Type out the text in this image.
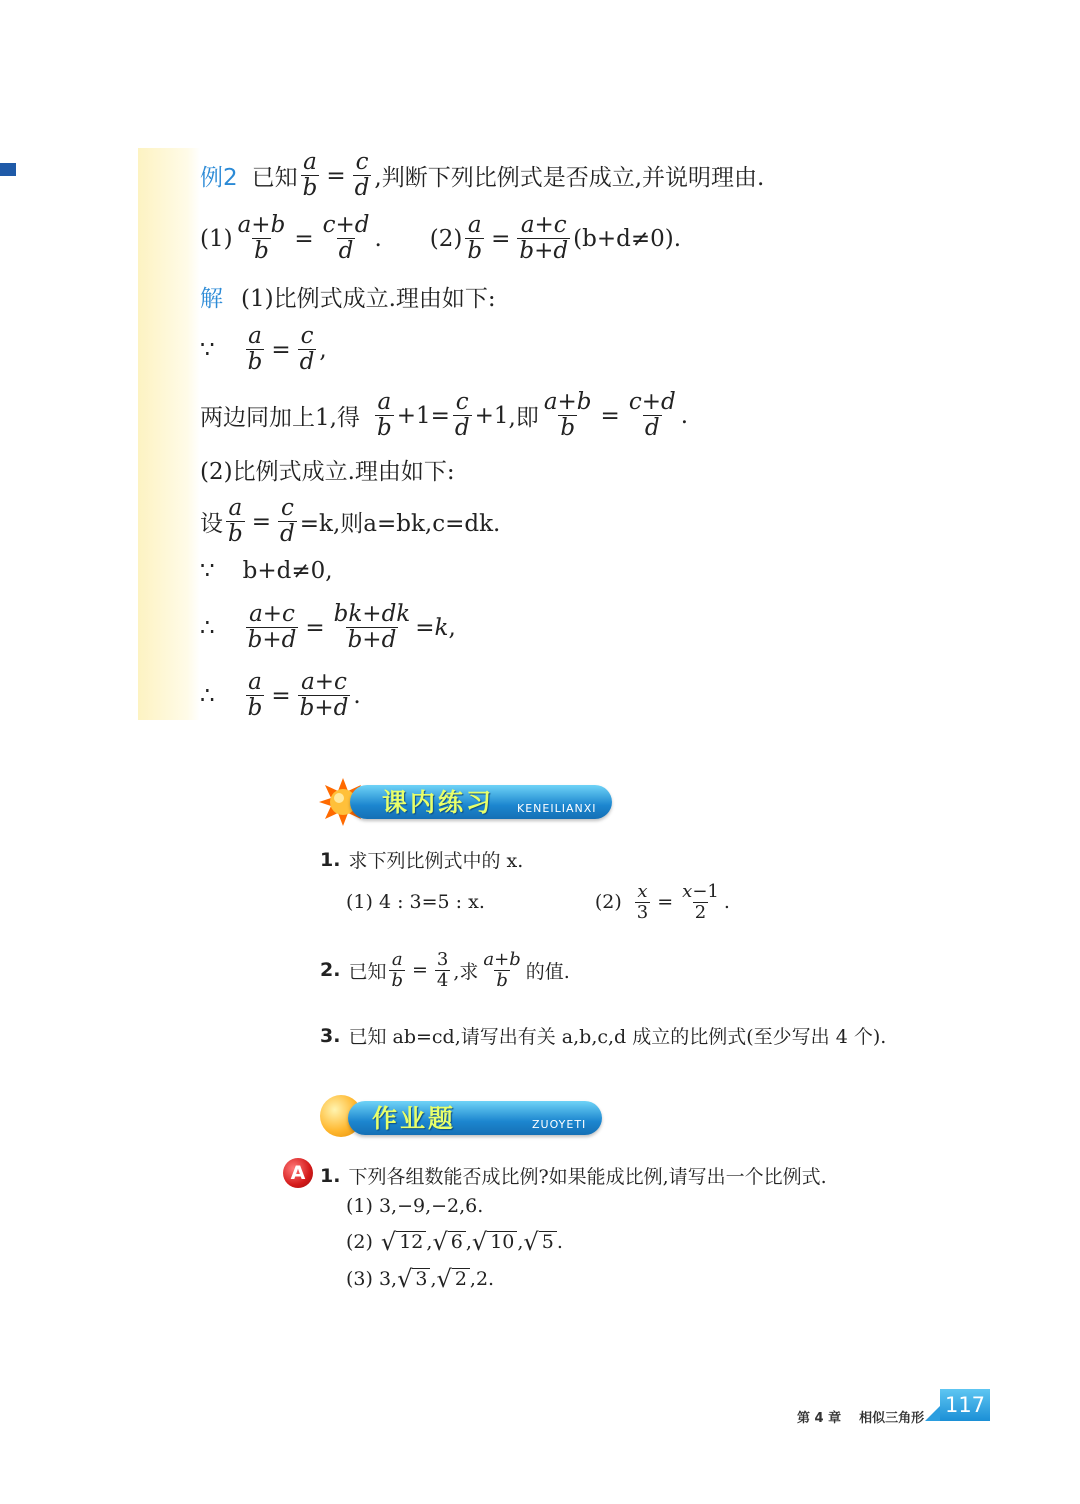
例2 已知 $\frac{a}{b} = \frac{c}{d}$ ,判断下列比例式是否成立,并说明理由.
$(1) \frac{a+b}{b} = \frac{c+d}{d}$ . $(2) \frac{a}{b} = \frac{a+c}{b+d} (b+d\ne 0)$.
解 (1)比例式成立.理由如下:
∵ $\frac{a}{b} = \frac{c}{d}$ ,
两边同加上1,得 $\frac{a}{b} +1= \frac{c}{d} +1$ ,即 $\frac{a+b}{b} = \frac{c+d}{d}$ .
(2)比例式成立.理由如下:
设 $\frac{a}{b} = \frac{c}{d} =k$,则a=bk,c=dk.
∵ b+d≠0,
∴ $\frac{a+c}{b+d} = \frac{bk+dk}{b+d} =k$,
∴ $\frac{a}{b} = \frac{a+c}{b+d}$ .
课内练习 KENEILIANXI
1. 求下列比例式中的 x.
(1) 4 : 3=5 : x.	$(2) \frac{x}{3} = \frac{x-1}{2}$ .
2. 已知 $\frac{a}{b} = \frac{3}{4}$ ,求 $\frac{a+b}{b}$ 的值.
3. 已知 ab=cd,请写出有关 a,b,c,d 成立的比例式(至少写出 4 个).
作业题	ZUOYETI
A 1. 下列各组数能否成比例?如果能成比例,请写出一个比例式.
(1) 3,−9,−2,6.
(2) √ 12 , √ 6 , √ 10 , √ 5 .
(3) 3, √ 3 , √ 2 ,2.
第 4 章 相似三角形
117
